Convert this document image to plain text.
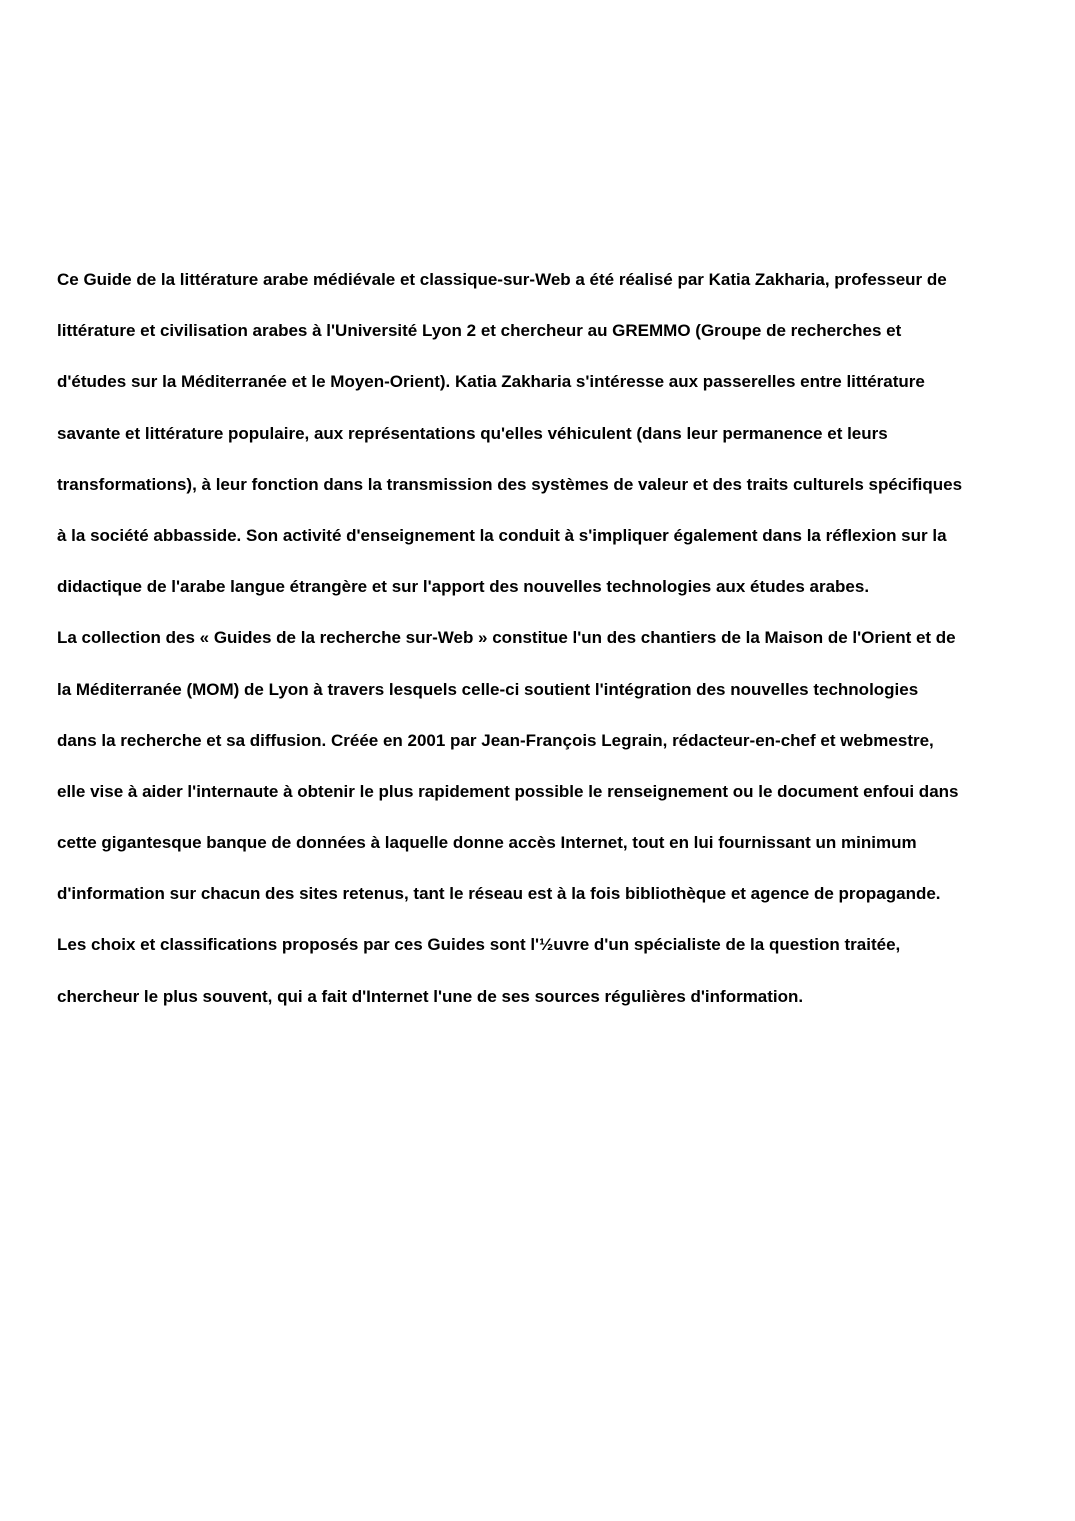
Ce Guide de la littérature arabe médiévale et classique-sur-Web a été réalisé par Katia Zakharia, professeur de
littérature et civilisation arabes à l'Université Lyon 2 et chercheur au GREMMO (Groupe de recherches et
d'études sur la Méditerranée et le Moyen-Orient). Katia Zakharia s'intéresse aux passerelles entre littérature
savante et littérature populaire, aux représentations qu'elles véhiculent (dans leur permanence et leurs
transformations), à leur fonction dans la transmission des systèmes de valeur et des traits culturels spécifiques
à la société abbasside. Son activité d'enseignement la conduit à s'impliquer également dans la réflexion sur la
didactique de l'arabe langue étrangère et sur l'apport des nouvelles technologies aux études arabes.
La collection des « Guides de la recherche sur-Web » constitue l'un des chantiers de la Maison de l'Orient et de
la Méditerranée (MOM) de Lyon à travers lesquels celle-ci soutient l'intégration des nouvelles technologies
dans la recherche et sa diffusion. Créée en 2001 par Jean-François Legrain, rédacteur-en-chef et webmestre,
elle vise à aider l'internaute à obtenir le plus rapidement possible le renseignement ou le document enfoui dans
cette gigantesque banque de données à laquelle donne accès Internet, tout en lui fournissant un minimum
d'information sur chacun des sites retenus, tant le réseau est à la fois bibliothèque et agence de propagande.
Les choix et classifications proposés par ces Guides sont l'½uvre d'un spécialiste de la question traitée,
chercheur le plus souvent, qui a fait d'Internet l'une de ses sources régulières d'information.
